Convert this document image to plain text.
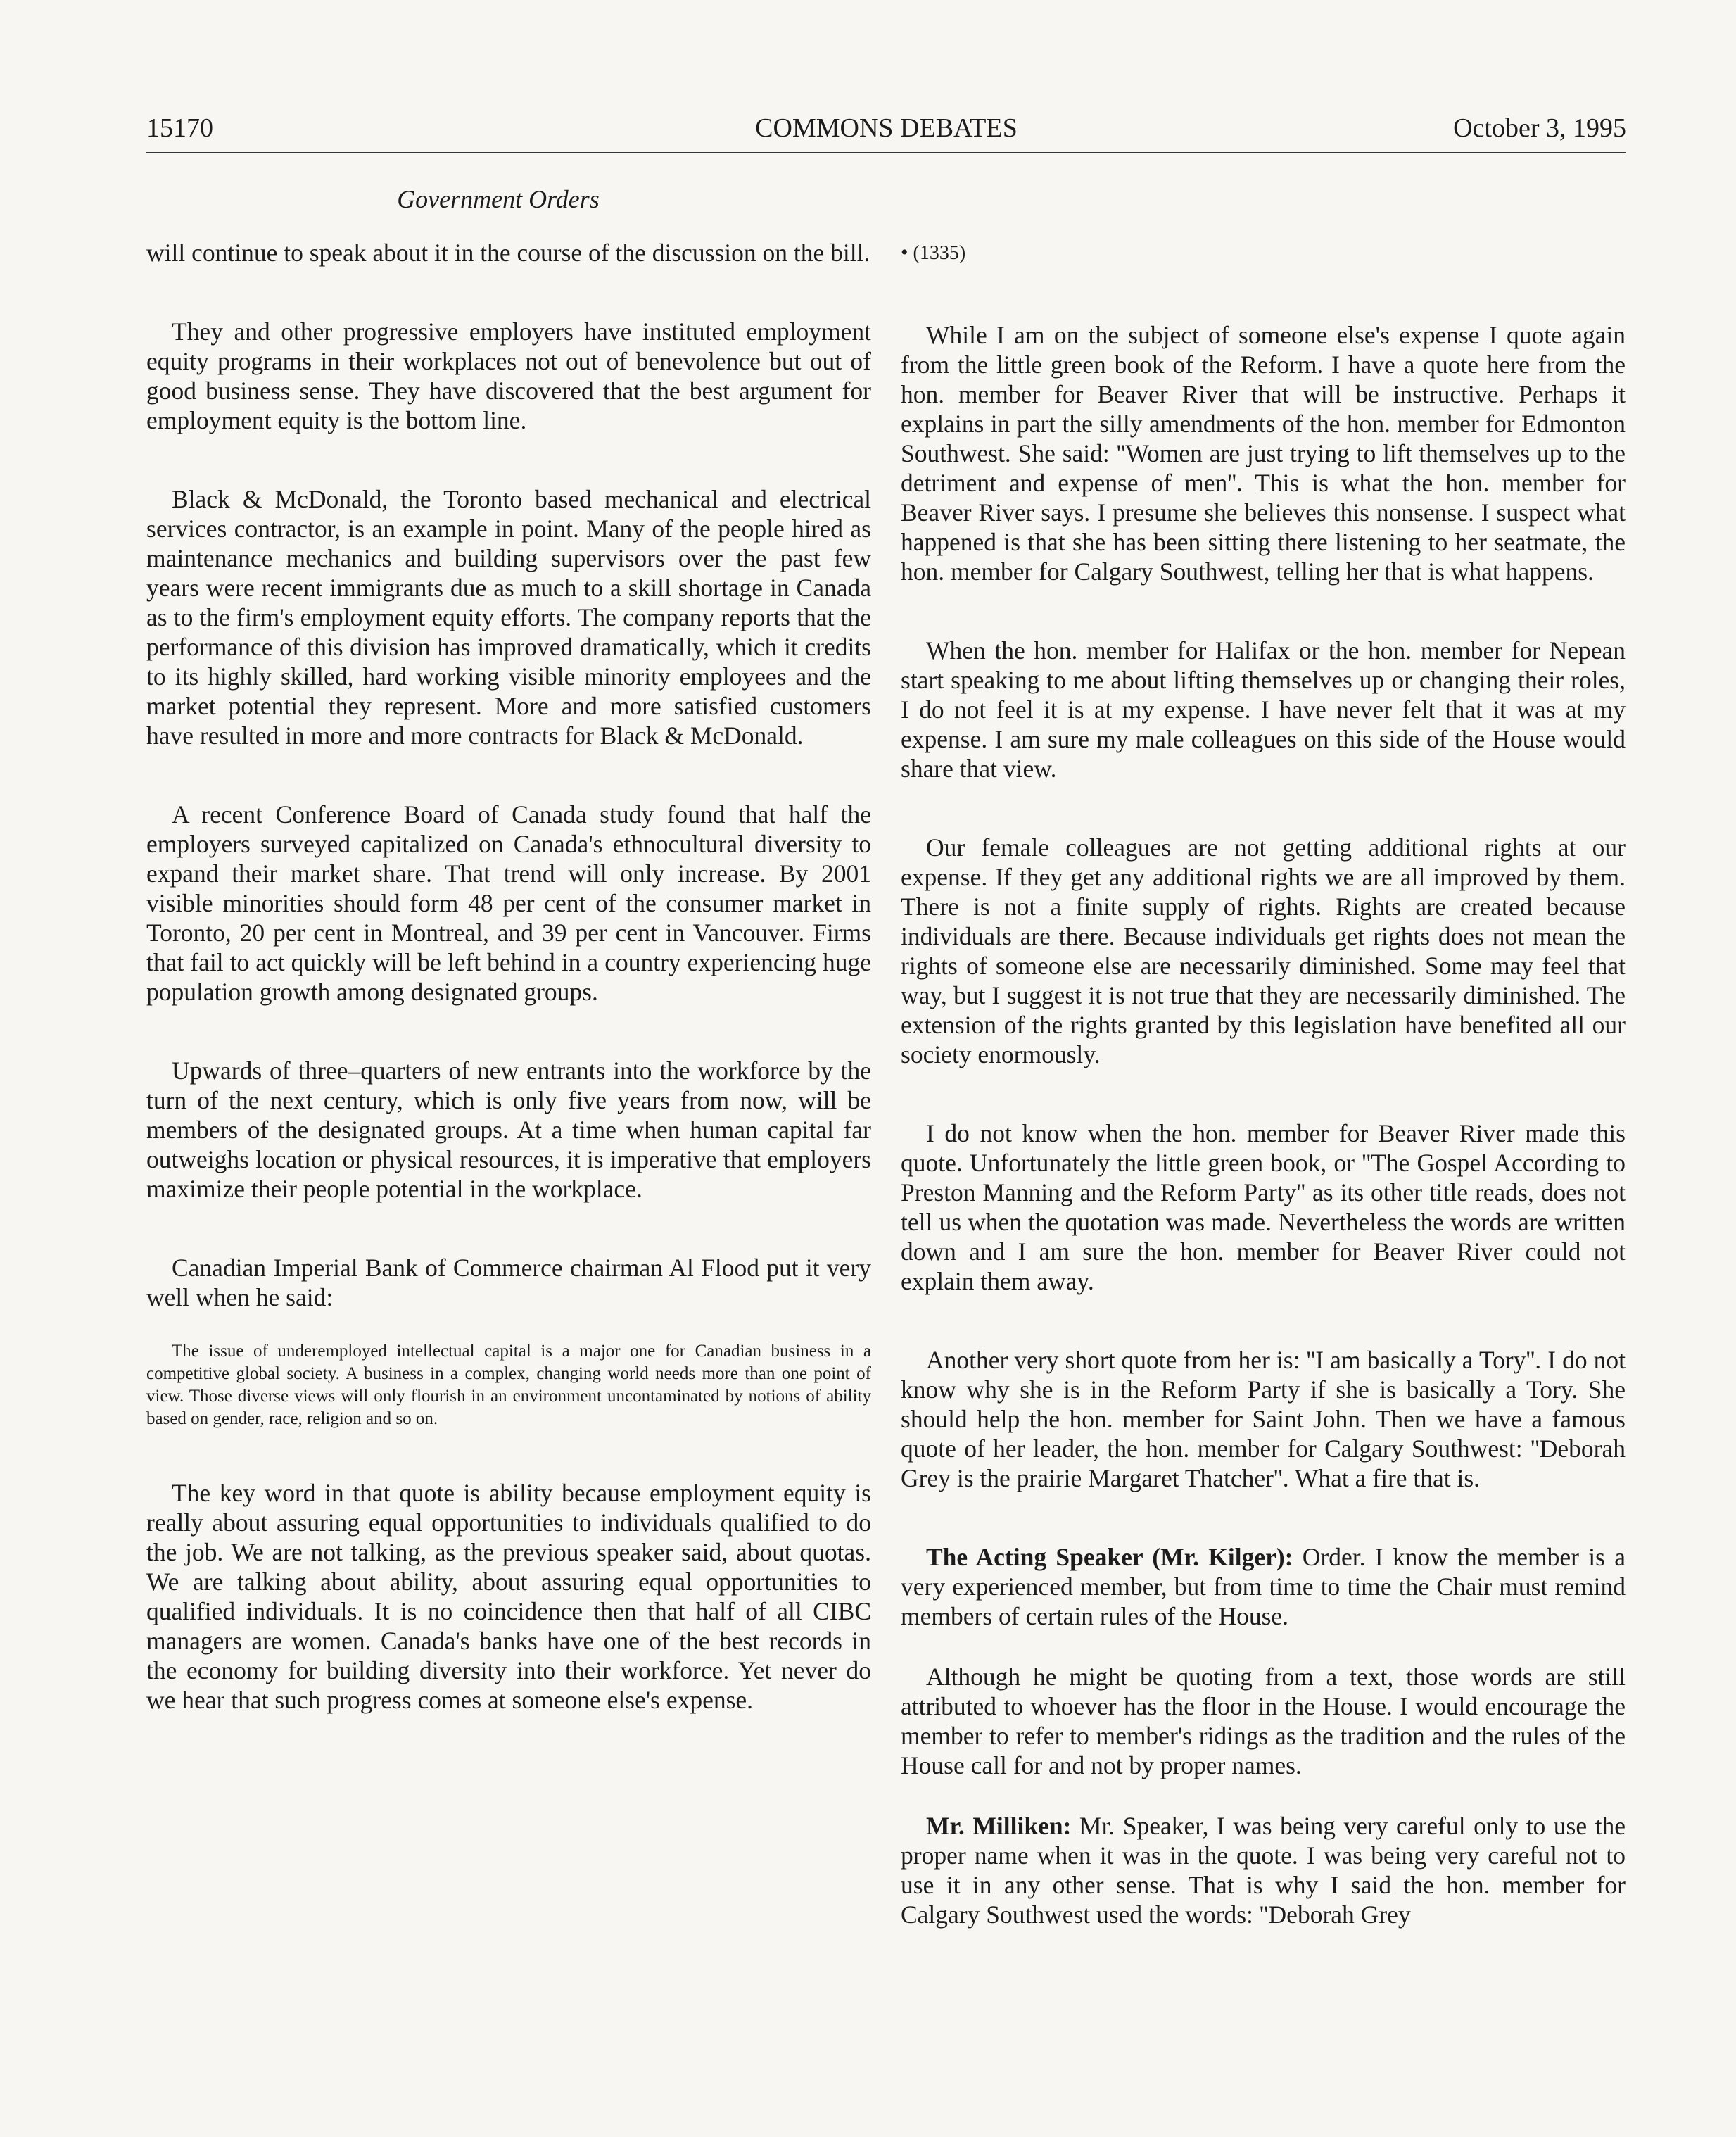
15170	COMMONS DEBATES	October 3, 1995
Government Orders

will continue to speak about it in the course of the discussion on the bill.

They and other progressive employers have instituted employment equity programs in their workplaces not out of benevolence but out of good business sense. They have discovered that the best argument for employment equity is the bottom line.

Black & McDonald, the Toronto based mechanical and electrical services contractor, is an example in point. Many of the people hired as maintenance mechanics and building supervisors over the past few years were recent immigrants due as much to a skill shortage in Canada as to the firm's employment equity efforts. The company reports that the performance of this division has improved dramatically, which it credits to its highly skilled, hard working visible minority employees and the market potential they represent. More and more satisfied customers have resulted in more and more contracts for Black & McDonald.

A recent Conference Board of Canada study found that half the employers surveyed capitalized on Canada's ethnocultural diversity to expand their market share. That trend will only increase. By 2001 visible minorities should form 48 per cent of the consumer market in Toronto, 20 per cent in Montreal, and 39 per cent in Vancouver. Firms that fail to act quickly will be left behind in a country experiencing huge population growth among designated groups.

Upwards of three–quarters of new entrants into the workforce by the turn of the next century, which is only five years from now, will be members of the designated groups. At a time when human capital far outweighs location or physical resources, it is imperative that employers maximize their people potential in the workplace.

Canadian Imperial Bank of Commerce chairman Al Flood put it very well when he said:

The issue of underemployed intellectual capital is a major one for Canadian business in a competitive global society. A business in a complex, changing world needs more than one point of view. Those diverse views will only flourish in an environment uncontaminated by notions of ability based on gender, race, religion and so on.

The key word in that quote is ability because employment equity is really about assuring equal opportunities to individuals qualified to do the job. We are not talking, as the previous speaker said, about quotas. We are talking about ability, about assuring equal opportunities to qualified individuals. It is no coincidence then that half of all CIBC managers are women. Canada's banks have one of the best records in the economy for building diversity into their workforce. Yet never do we hear that such progress comes at someone else's expense.

• (1335)

While I am on the subject of someone else's expense I quote again from the little green book of the Reform. I have a quote here from the hon. member for Beaver River that will be instructive. Perhaps it explains in part the silly amendments of the hon. member for Edmonton Southwest. She said: ''Women are just trying to lift themselves up to the detriment and expense of men''. This is what the hon. member for Beaver River says. I presume she believes this nonsense. I suspect what happened is that she has been sitting there listening to her seatmate, the hon. member for Calgary Southwest, telling her that is what happens.

When the hon. member for Halifax or the hon. member for Nepean start speaking to me about lifting themselves up or changing their roles, I do not feel it is at my expense. I have never felt that it was at my expense. I am sure my male colleagues on this side of the House would share that view.

Our female colleagues are not getting additional rights at our expense. If they get any additional rights we are all improved by them. There is not a finite supply of rights. Rights are created because individuals are there. Because individuals get rights does not mean the rights of someone else are necessarily diminished. Some may feel that way, but I suggest it is not true that they are necessarily diminished. The extension of the rights granted by this legislation have benefited all our society enormously.

I do not know when the hon. member for Beaver River made this quote. Unfortunately the little green book, or ''The Gospel According to Preston Manning and the Reform Party'' as its other title reads, does not tell us when the quotation was made. Nevertheless the words are written down and I am sure the hon. member for Beaver River could not explain them away.

Another very short quote from her is: ''I am basically a Tory''. I do not know why she is in the Reform Party if she is basically a Tory. She should help the hon. member for Saint John. Then we have a famous quote of her leader, the hon. member for Calgary Southwest: ''Deborah Grey is the prairie Margaret Thatcher''. What a fire that is.

The Acting Speaker (Mr. Kilger): Order. I know the member is a very experienced member, but from time to time the Chair must remind members of certain rules of the House.

Although he might be quoting from a text, those words are still attributed to whoever has the floor in the House. I would encourage the member to refer to member's ridings as the tradition and the rules of the House call for and not by proper names.

Mr. Milliken: Mr. Speaker, I was being very careful only to use the proper name when it was in the quote. I was being very careful not to use it in any other sense. That is why I said the hon. member for Calgary Southwest used the words: ''Deborah Grey
